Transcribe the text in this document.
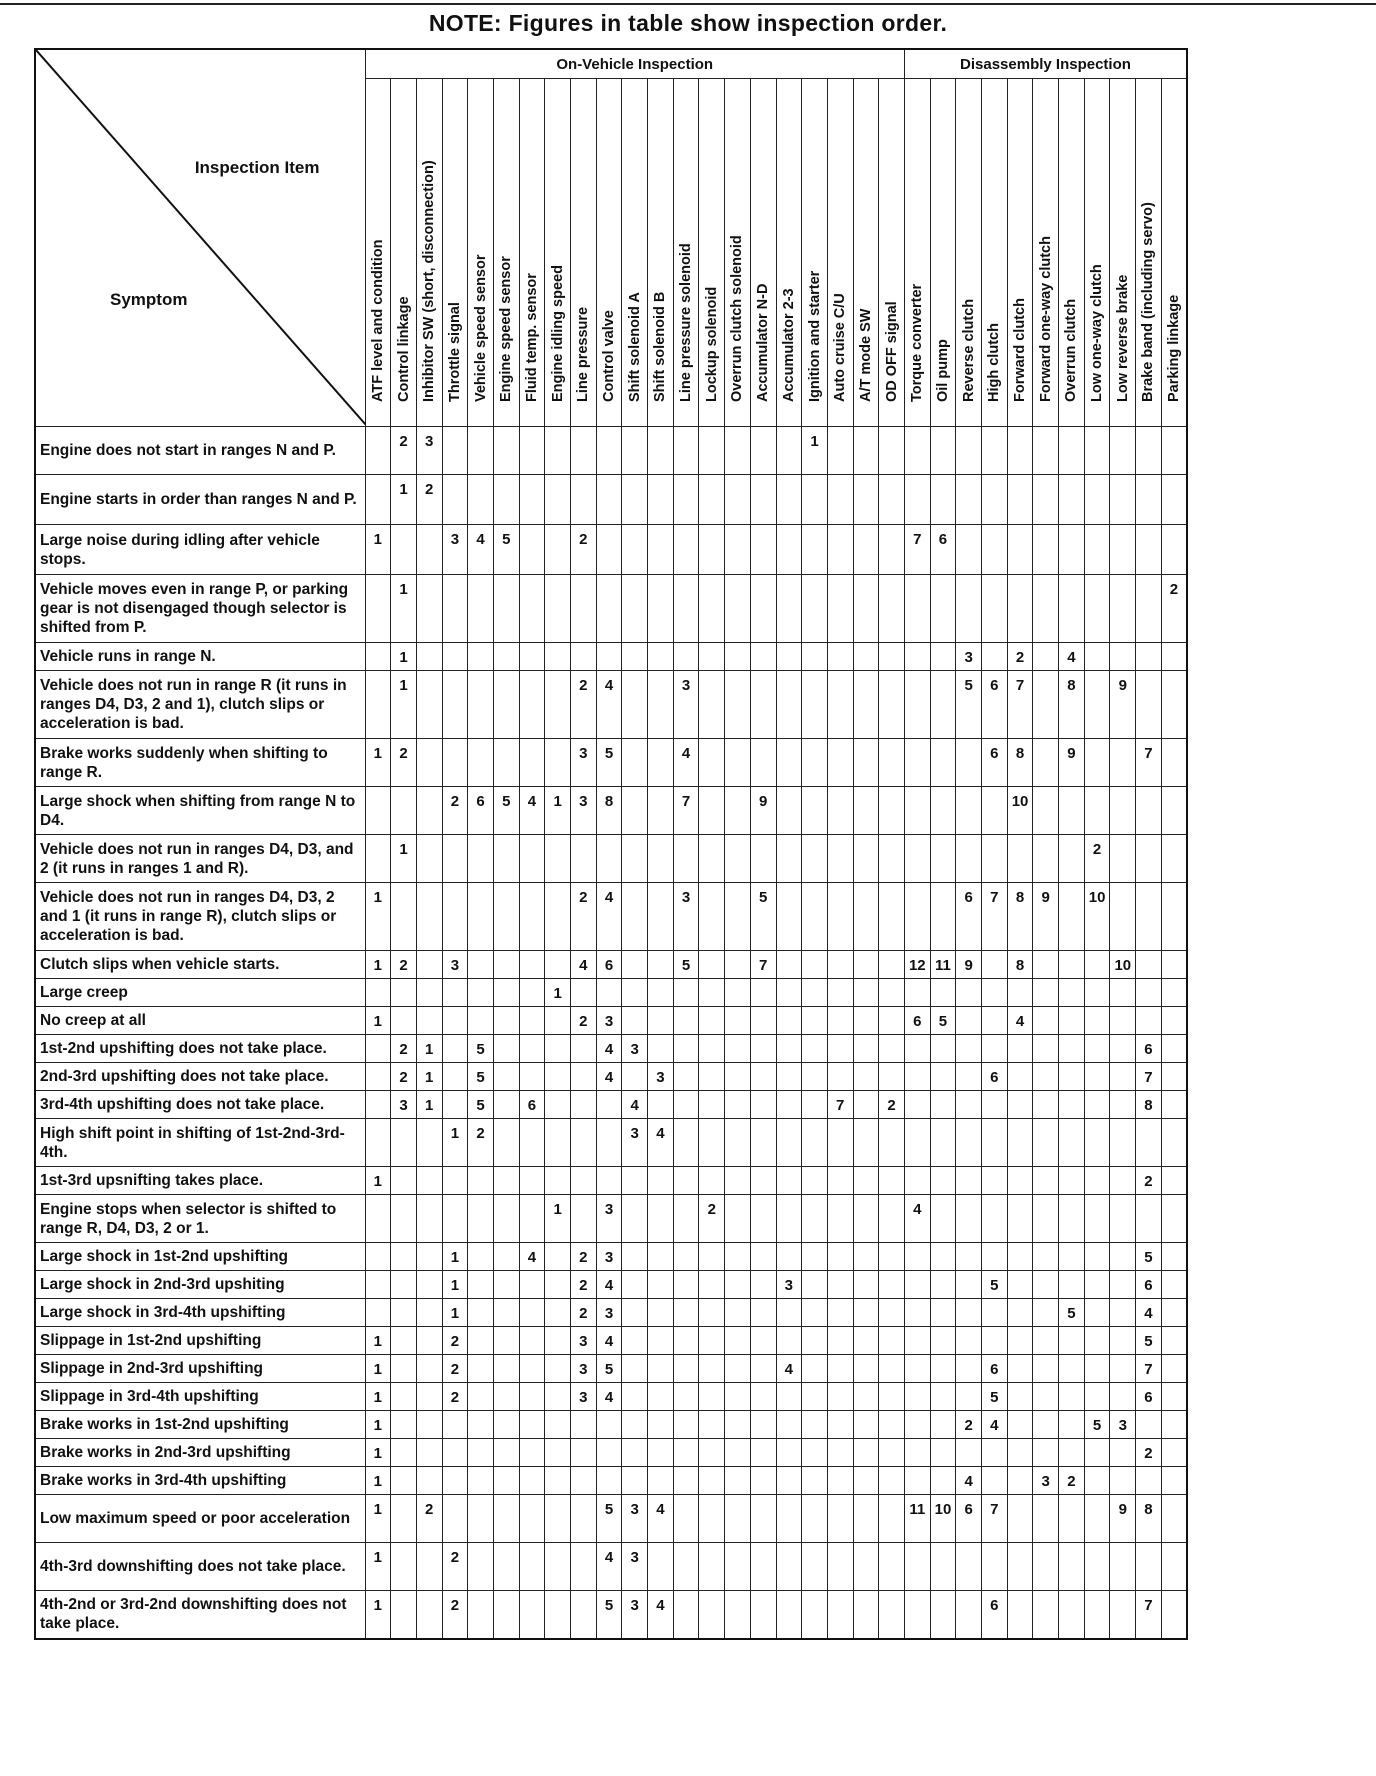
NOTE: Figures in table show inspection order.
Inspection Item
Symptom	On-Vehicle Inspection																					Disassembly Inspection										

	ATF level and condition	Control linkage	Inhibitor SW (short, disconnection)	Throttle signal	Vehicle speed sensor	Engine speed sensor	Fluid temp. sensor	Engine idling speed	Line pressure	Control valve	Shift solenoid A	Shift solenoid B	Line pressure solenoid	Lockup solenoid	Overrun clutch solenoid	Accumulator N-D	Accumulator 2-3	Ignition and starter	Auto cruise C/U	A/T mode SW	OD OFF signal	Torque converter	Oil pump	Reverse clutch	High clutch	Forward clutch	Forward one-way clutch	Overrun clutch	Low one-way clutch	Low reverse brake	Brake band (including servo)	Parking linkage

Engine does not start in ranges N and P.		2	3															1														
Engine starts in order than ranges N and P.		1	2																													
Large noise during idling after vehicle stops.	1			3	4	5			2													7	6									
Vehicle moves even in range P, or parking gear is not disengaged though selector is shifted from P.		1																														2
Vehicle runs in range N.		1																						3		2		4				
Vehicle does not run in range R (it runs in ranges D4, D3, 2 and 1), clutch slips or acceleration is bad.		1							2	4			3											5	6	7		8		9		
Brake works suddenly when shifting to range R.	1	2							3	5			4												6	8		9			7	
Large shock when shifting from range N to D4.				2	6	5	4	1	3	8			7			9										10						
Vehicle does not run in ranges D4, D3, and 2 (it runs in ranges 1 and R).		1																											2			
Vehicle does not run in ranges D4, D3, 2 and 1 (it runs in range R), clutch slips or acceleration is bad.	1								2	4			3			5								6	7	8	9		10			
Clutch slips when vehicle starts.	1	2		3					4	6			5			7						12	11	9		8				10		
Large creep								1																								
No creep at all	1								2	3												6	5			4						
1st-2nd upshifting does not take place.		2	1		5					4	3																				6	
2nd-3rd upshifting does not take place.		2	1		5					4		3													6						7	
3rd-4th upshifting does not take place.		3	1		5		6				4								7		2										8	
High shift point in shifting of 1st-2nd-3rd-4th.				1	2						3	4																				
1st-3rd upsnifting takes place.	1																														2	
Engine stops when selector is shifted to range R, D4, D3, 2 or 1.								1		3				2								4										
Large shock in 1st-2nd upshifting				1			4		2	3																					5	
Large shock in 2nd-3rd upshiting				1					2	4							3								5						6	
Large shock in 3rd-4th upshifting				1					2	3																		5			4	
Slippage in 1st-2nd upshifting	1			2					3	4																					5	
Slippage in 2nd-3rd upshifting	1			2					3	5							4								6						7	
Slippage in 3rd-4th upshifting	1			2					3	4															5						6	
Brake works in 1st-2nd upshifting	1																							2	4				5	3		
Brake works in 2nd-3rd upshifting	1																														2	
Brake works in 3rd-4th upshifting	1																							4			3	2				
Low maximum speed or poor acceleration	1		2							5	3	4										11	10	6	7					9	8	
4th-3rd downshifting does not take place.	1			2						4	3																					
4th-2nd or 3rd-2nd downshifting does not take place.	1			2						5	3	4													6						7	
